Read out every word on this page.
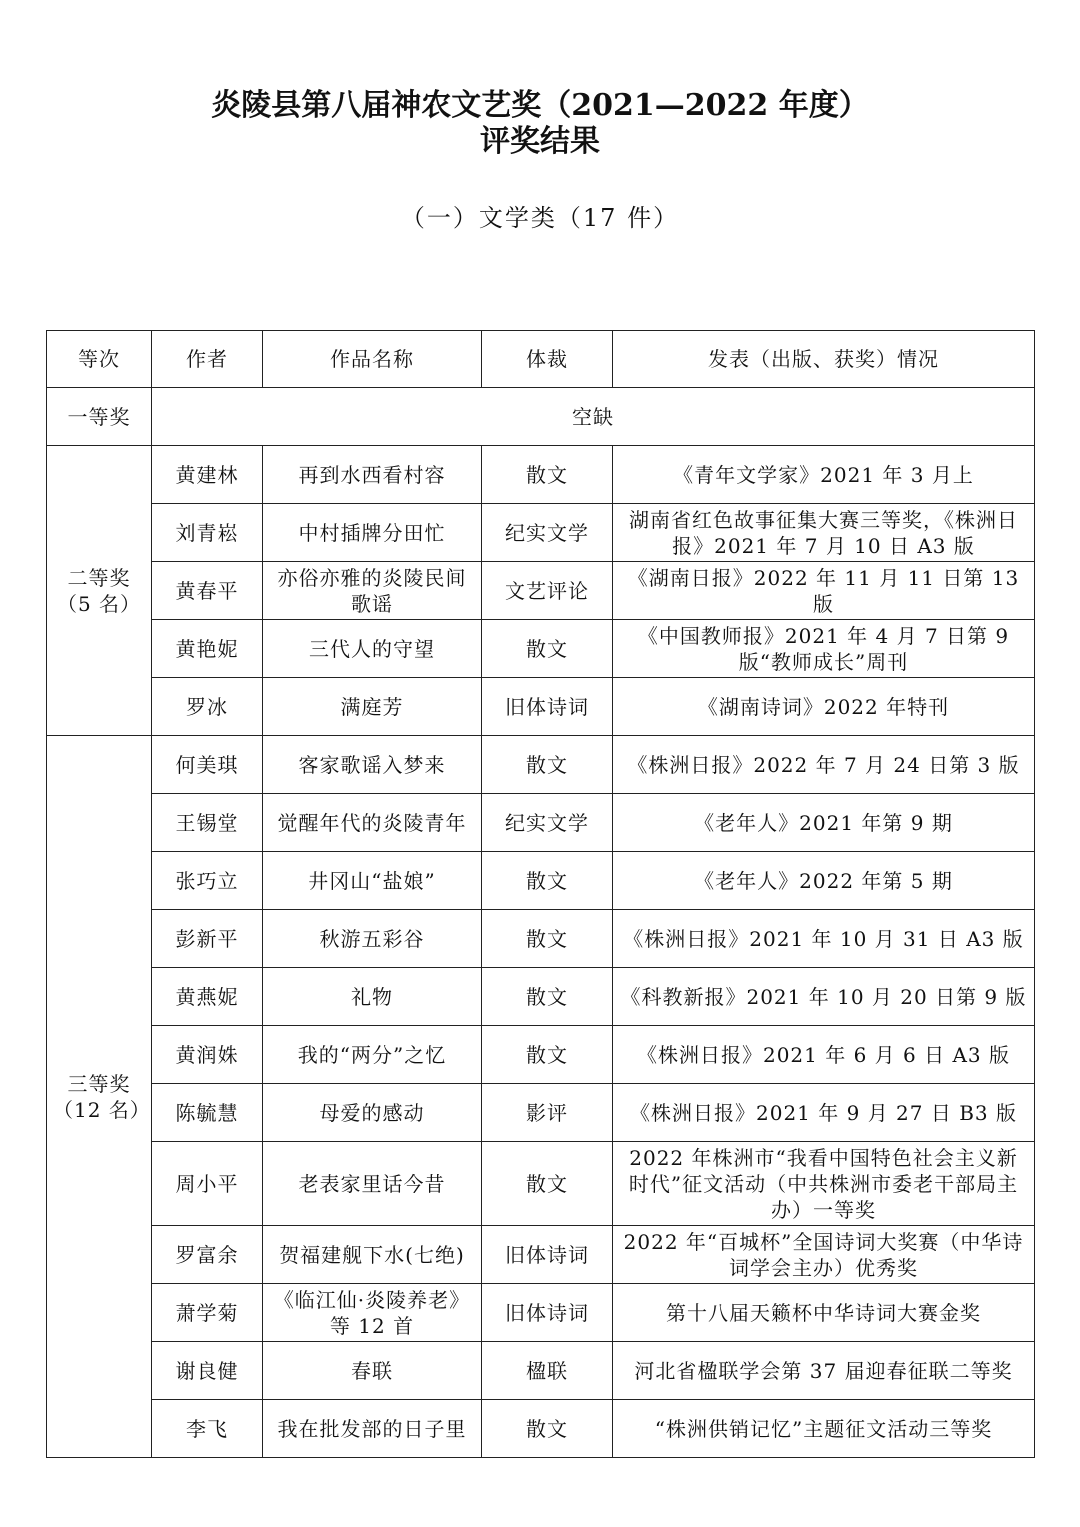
炎陵县第八届神农文艺奖（2021—2022 年度）
评奖结果
（一）文学类（17 件）
等次	作者	作品名称	体裁	发表（出版、获奖）情况
一等奖	空缺			

二等奖
（5 名）	黄建林	再到水西看村容	散文	《青年文学家》2021 年 3 月上
	刘青崧	中村插牌分田忙	纪实文学	湖南省红色故事征集大赛三等奖，《株洲日报》2021 年 7 月 10 日 A3 版
	黄春平	亦俗亦雅的炎陵民间歌谣	文艺评论	《湖南日报》2022 年 11 月 11 日第 13 版
	黄艳妮	三代人的守望	散文	《中国教师报》2021 年 4 月 7 日第 9 版“教师成长”周刊
	罗冰	满庭芳	旧体诗词	《湖南诗词》2022 年特刊

三等奖
（12 名）	何美琪	客家歌谣入梦来	散文	《株洲日报》2022 年 7 月 24 日第 3 版
	王锡堂	觉醒年代的炎陵青年	纪实文学	《老年人》2021 年第 9 期
	张巧立	井冈山“盐娘”	散文	《老年人》2022 年第 5 期
	彭新平	秋游五彩谷	散文	《株洲日报》2021 年 10 月 31 日 A3 版
	黄燕妮	礼物	散文	《科教新报》2021 年 10 月 20 日第 9 版
	黄润姝	我的“两分”之忆	散文	《株洲日报》2021 年 6 月 6 日 A3 版
	陈毓慧	母爱的感动	影评	《株洲日报》2021 年 9 月 27 日 B3 版
	周小平	老表家里话今昔	散文	2022 年株洲市“我看中国特色社会主义新时代”征文活动（中共株洲市委老干部局主办）一等奖
	罗富余	贺福建舰下水(七绝)	旧体诗词	2022 年“百城杯”全国诗词大奖赛（中华诗词学会主办）优秀奖
	萧学菊	《临江仙·炎陵养老》等 12 首	旧体诗词	第十八届天籁杯中华诗词大赛金奖
	谢良健	春联	楹联	河北省楹联学会第 37 届迎春征联二等奖
	李飞	我在批发部的日子里	散文	“株洲供销记忆”主题征文活动三等奖
